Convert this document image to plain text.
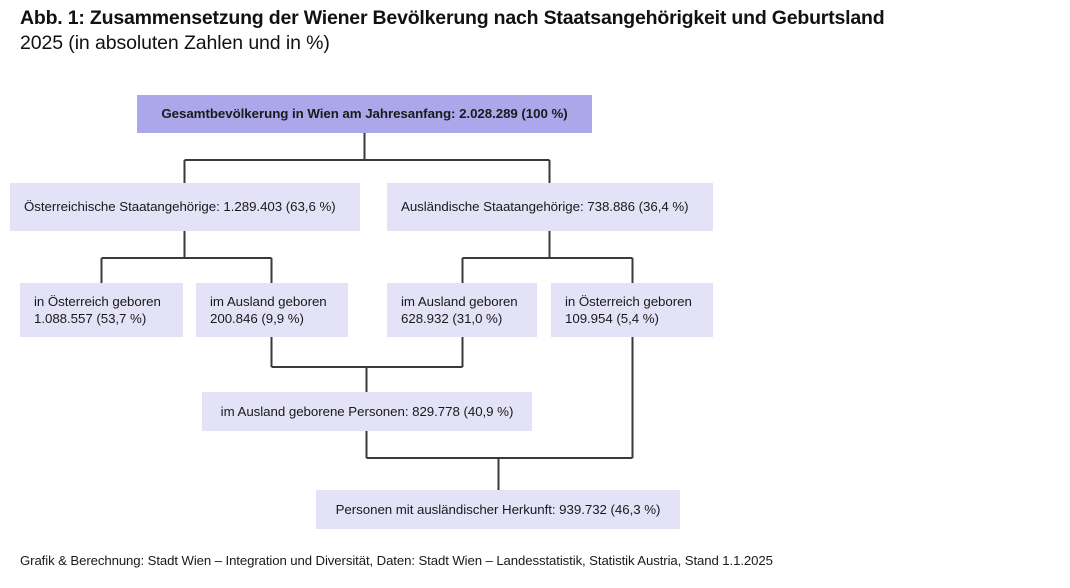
Abb. 1: Zusammensetzung der Wiener Bevölkerung nach Staatsangehörigkeit und Geburtsland
2025 (in absoluten Zahlen und in %)
Gesamtbevölkerung in Wien am Jahresanfang: 2.028.289 (100 %)
Österreichische Staatangehörige: 1.289.403 (63,6 %)	Ausländische Staatangehörige: 738.886 (36,4 %)
in Österreich geboren
1.088.557 (53,7 %)
im Ausland geboren
200.846 (9,9 %)
im Ausland geboren
628.932 (31,0 %)
in Österreich geboren
109.954 (5,4 %)
im Ausland geborene Personen: 829.778 (40,9 %)
Personen mit ausländischer Herkunft: 939.732 (46,3 %)
Grafik & Berechnung: Stadt Wien – Integration und Diversität, Daten: Stadt Wien – Landesstatistik, Statistik Austria, Stand 1.1.2025
